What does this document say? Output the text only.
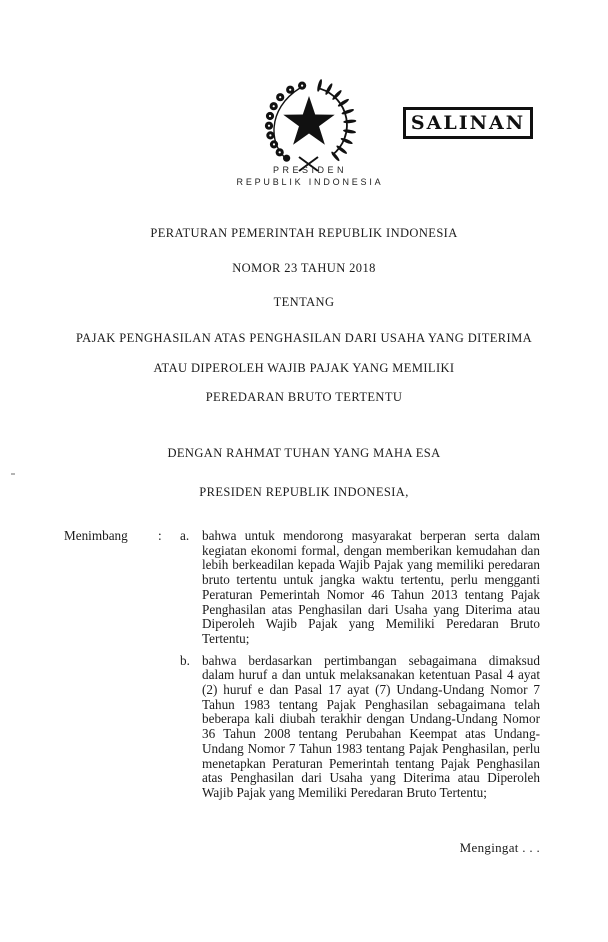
SALINAN
PRESIDEN
REPUBLIK INDONESIA
PERATURAN PEMERINTAH REPUBLIK INDONESIA
NOMOR 23 TAHUN 2018
TENTANG
PAJAK PENGHASILAN ATAS PENGHASILAN DARI USAHA YANG DITERIMA
ATAU DIPEROLEH WAJIB PAJAK YANG MEMILIKI
PEREDARAN BRUTO TERTENTU
DENGAN RAHMAT TUHAN YANG MAHA ESA
PRESIDEN REPUBLIK INDONESIA,
Menimbang	:	a. bahwa untuk mendorong masyarakat berperan serta dalam kegiatan ekonomi formal, dengan memberikan kemudahan dan lebih berkeadilan kepada Wajib Pajak yang memiliki peredaran bruto tertentu untuk jangka waktu tertentu, perlu mengganti Peraturan Pemerintah Nomor 46 Tahun 2013 tentang Pajak Penghasilan atas Penghasilan dari Usaha yang Diterima atau Diperoleh Wajib Pajak yang Memiliki Peredaran Bruto Tertentu;
b. bahwa berdasarkan pertimbangan sebagaimana dimaksud dalam huruf a dan untuk melaksanakan ketentuan Pasal 4 ayat (2) huruf e dan Pasal 17 ayat (7) Undang-Undang Nomor 7 Tahun 1983 tentang Pajak Penghasilan sebagaimana telah beberapa kali diubah terakhir dengan Undang-Undang Nomor 36 Tahun 2008 tentang Perubahan Keempat atas Undang-Undang Nomor 7 Tahun 1983 tentang Pajak Penghasilan, perlu menetapkan Peraturan Pemerintah tentang Pajak Penghasilan atas Penghasilan dari Usaha yang Diterima atau Diperoleh Wajib Pajak yang Memiliki Peredaran Bruto Tertentu;
Mengingat . . .
